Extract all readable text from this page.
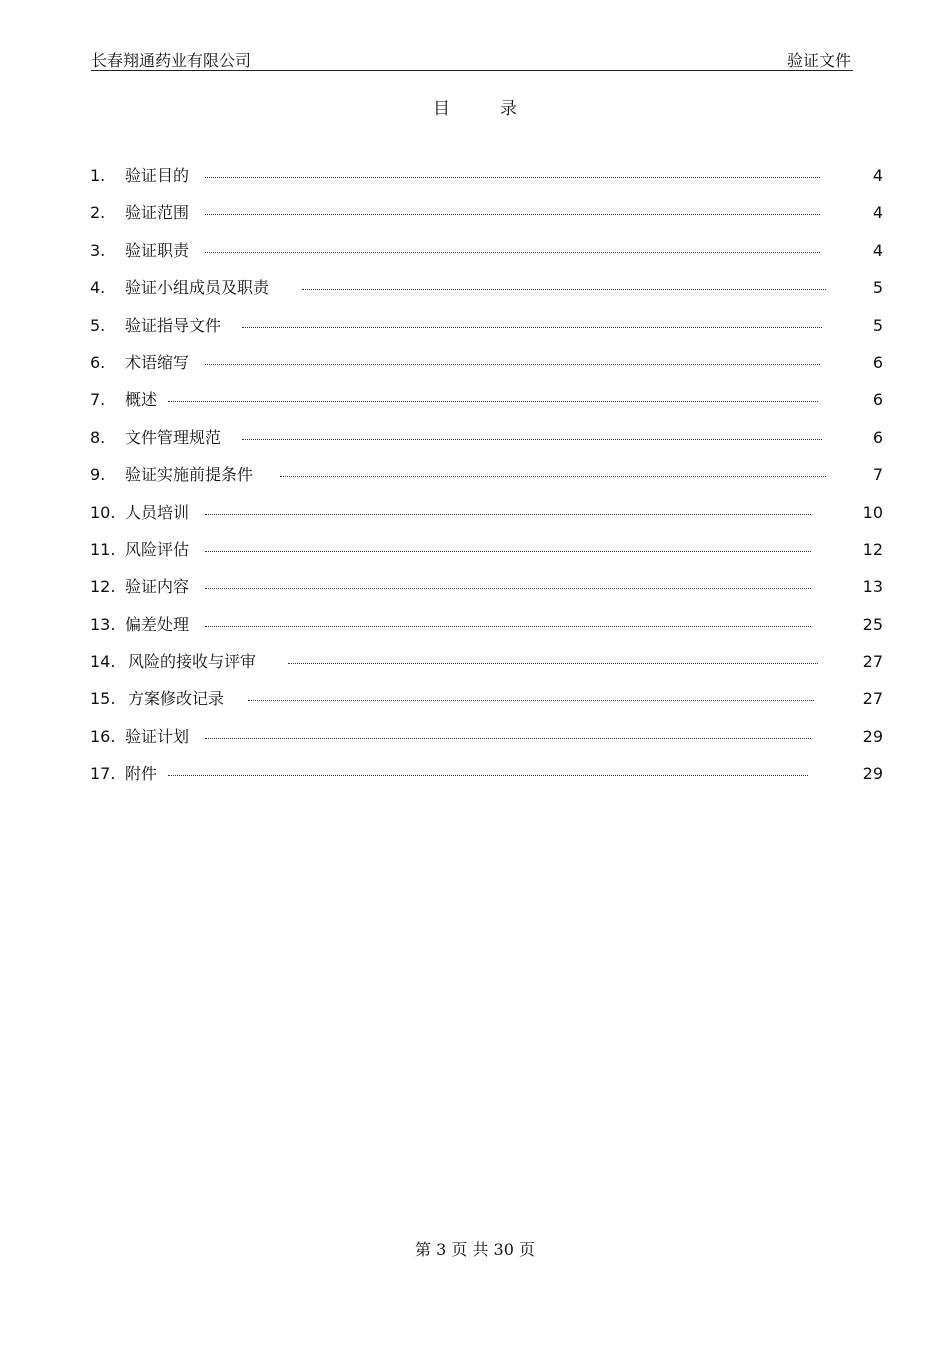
长春翔通药业有限公司	验证文件
目	录
1. 验证目的	4
2. 验证范围	4
3. 验证职责	4
4. 验证小组成员及职责	5
5. 验证指导文件	5
6. 术语缩写	6
7. 概述	6
8. 文件管理规范	6
9. 验证实施前提条件	7
10. 人员培训	10
11. 风险评估	12
12. 验证内容	13
13. 偏差处理	25
14. 风险的接收与评审	27
15. 方案修改记录	27
16. 验证计划	29
17. 附件	29
第 3 页 共 30 页
